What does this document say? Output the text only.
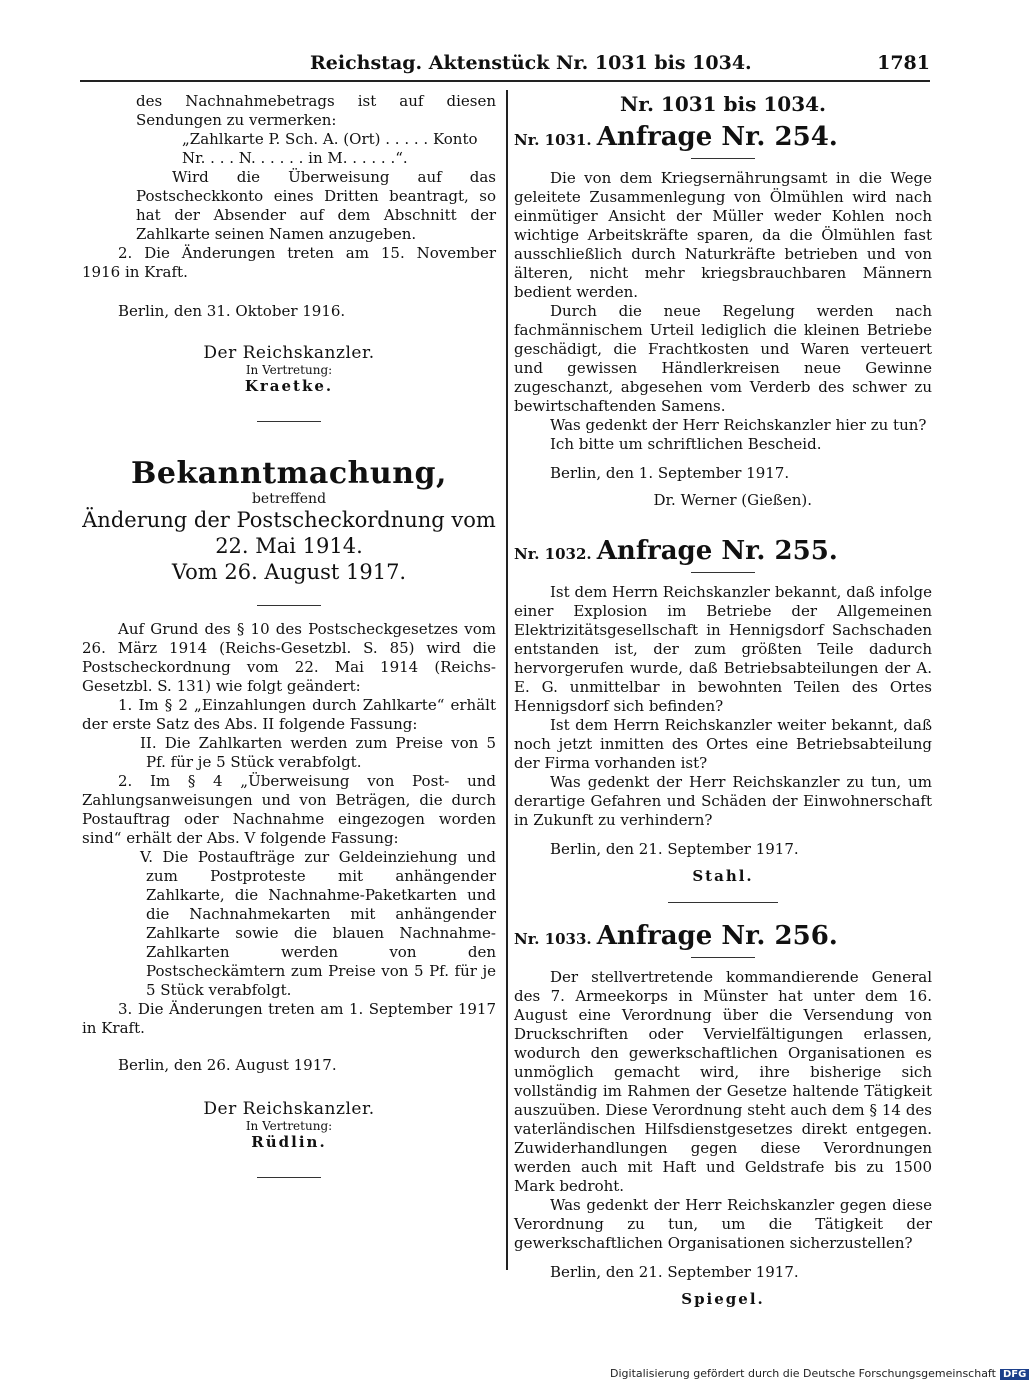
Reichstag. Aktenstück Nr. 1031 bis 1034.	1781

des Nachnahmebetrags ist auf diesen Sendungen zu vermerken:

„Zahlkarte P. Sch. A. (Ort) . . . . . Konto Nr. . . . N. . . . . . in M. . . . . .“.

Wird die Überweisung auf das Postscheckkonto eines Dritten beantragt, so hat der Absender auf dem Abschnitt der Zahlkarte seinen Namen anzugeben.

2. Die Änderungen treten am 15. November 1916 in Kraft.

Berlin, den 31. Oktober 1916.

Der Reichskanzler.
In Vertretung:
Kraetke.
Bekanntmachung,
betreffend
Änderung der Postscheckordnung vom
22. Mai 1914.
Vom 26. August 1917.

Auf Grund des § 10 des Postscheckgesetzes vom 26. März 1914 (Reichs-Gesetzbl. S. 85) wird die Postscheckordnung vom 22. Mai 1914 (Reichs-Gesetzbl. S. 131) wie folgt geändert:

1. Im § 2 „Einzahlungen durch Zahlkarte“ erhält der erste Satz des Abs. II folgende Fassung:

II. Die Zahlkarten werden zum Preise von 5 Pf. für je 5 Stück verabfolgt.

2. Im § 4 „Überweisung von Post- und Zahlungsanweisungen und von Beträgen, die durch Postauftrag oder Nachnahme eingezogen worden sind“ erhält der Abs. V folgende Fassung:

V. Die Postaufträge zur Geldeinziehung und zum Postproteste mit anhängender Zahlkarte, die Nachnahme-Paketkarten und die Nachnahmekarten mit anhängender Zahlkarte sowie die blauen Nachnahme-Zahlkarten werden von den Postscheckämtern zum Preise von 5 Pf. für je 5 Stück verabfolgt.

3. Die Änderungen treten am 1. September 1917 in Kraft.

Berlin, den 26. August 1917.

Der Reichskanzler.
In Vertretung:
Rüdlin.
Nr. 1031 bis 1034.
Nr. 1031. Anfrage Nr. 254.

Die von dem Kriegsernährungsamt in die Wege geleitete Zusammenlegung von Ölmühlen wird nach einmütiger Ansicht der Müller weder Kohlen noch wichtige Arbeitskräfte sparen, da die Ölmühlen fast ausschließlich durch Naturkräfte betrieben und von älteren, nicht mehr kriegsbrauchbaren Männern bedient werden.

Durch die neue Regelung werden nach fachmännischem Urteil lediglich die kleinen Betriebe geschädigt, die Frachtkosten und Waren verteuert und gewissen Händlerkreisen neue Gewinne zugeschanzt, abgesehen vom Verderb des schwer zu bewirtschaftenden Samens.

Was gedenkt der Herr Reichskanzler hier zu tun?

Ich bitte um schriftlichen Bescheid.

Berlin, den 1. September 1917.

Dr. Werner (Gießen).

Nr. 1032. Anfrage Nr. 255.

Ist dem Herrn Reichskanzler bekannt, daß infolge einer Explosion im Betriebe der Allgemeinen Elektrizitätsgesellschaft in Hennigsdorf Sachschaden entstanden ist, der zum größten Teile dadurch hervorgerufen wurde, daß Betriebsabteilungen der A. E. G. unmittelbar in bewohnten Teilen des Ortes Hennigsdorf sich befinden?

Ist dem Herrn Reichskanzler weiter bekannt, daß noch jetzt inmitten des Ortes eine Betriebsabteilung der Firma vorhanden ist?

Was gedenkt der Herr Reichskanzler zu tun, um derartige Gefahren und Schäden der Einwohnerschaft in Zukunft zu verhindern?

Berlin, den 21. September 1917.

Stahl.

Nr. 1033. Anfrage Nr. 256.

Der stellvertretende kommandierende General des 7. Armeekorps in Münster hat unter dem 16. August eine Verordnung über die Versendung von Druckschriften oder Vervielfältigungen erlassen, wodurch den gewerkschaftlichen Organisationen es unmöglich gemacht wird, ihre bisherige sich vollständig im Rahmen der Gesetze haltende Tätigkeit auszuüben. Diese Verordnung steht auch dem § 14 des vaterländischen Hilfsdienstgesetzes direkt entgegen. Zuwiderhandlungen gegen diese Verordnungen werden auch mit Haft und Geldstrafe bis zu 1500 Mark bedroht.

Was gedenkt der Herr Reichskanzler gegen diese Verordnung zu tun, um die Tätigkeit der gewerkschaftlichen Organisationen sicherzustellen?

Berlin, den 21. September 1917.

Spiegel.

Digitalisierung gefördert durch die Deutsche Forschungsgemeinschaft DFG
